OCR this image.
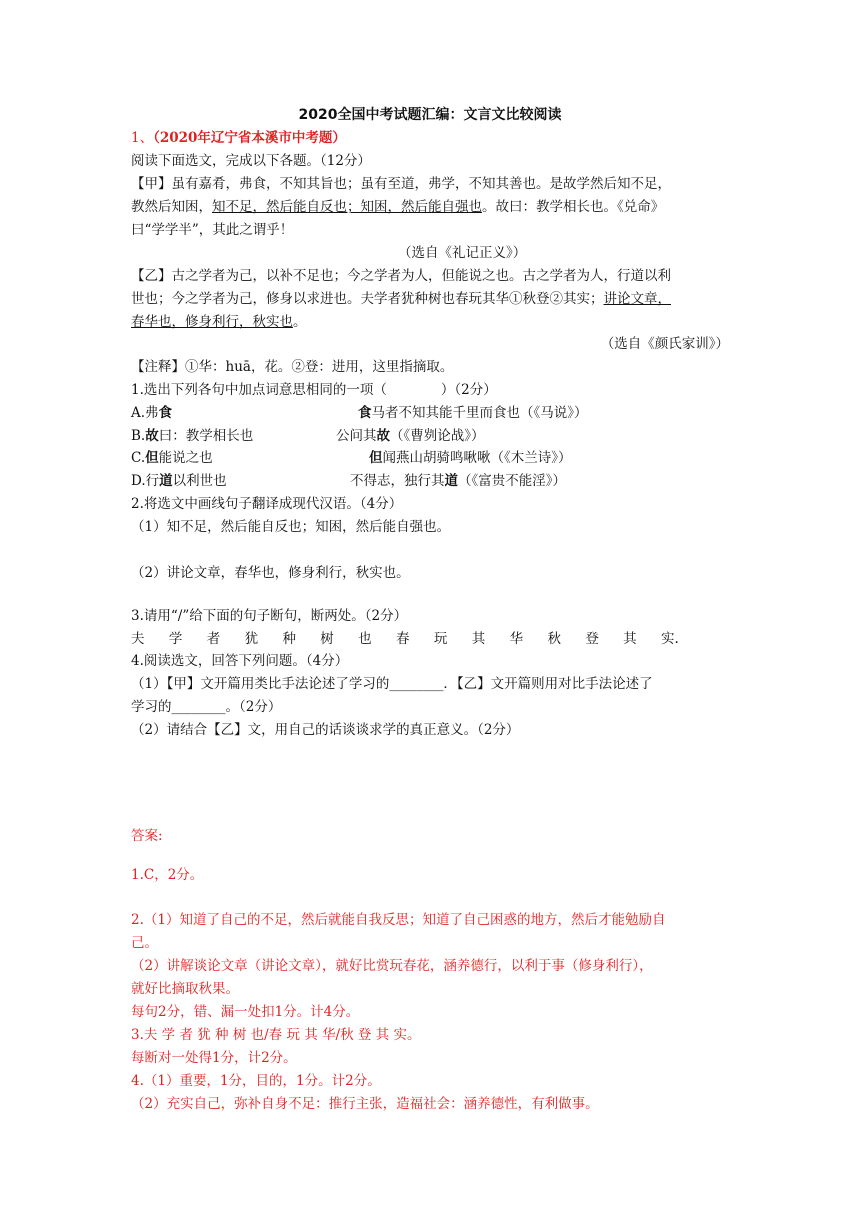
2020全国中考试题汇编：文言文比较阅读
1、（2020年辽宁省本溪市中考题）
阅读下面选文，完成以下各题。（12分）
【甲】虽有嘉肴，弗食，不知其旨也；虽有至道，弗学，不知其善也。是故学然后知不足，
教然后知困，知不足，然后能自反也；知困，然后能自强也。故曰：教学相长也。《兑命》
曰“学学半”，其此之谓乎！
（选自《礼记正义》）
【乙】古之学者为己，以补不足也；今之学者为人，但能说之也。古之学者为人，行道以利
世也；今之学者为己，修身以求进也。夫学者犹种树也春玩其华①秋登②其实；讲论文章，
春华也，修身利行，秋实也。
（选自《颜氏家训》）
【注释】①华：huā，花。②登：进用，这里指摘取。
1.选出下列各句中加点词意思相同的一项（　　　　）（2分）
A.弗食	食马者不知其能千里而食也（《马说》）
B.故曰：教学相长也	公问其故（《曹刿论战》）
C.但能说之也	但闻燕山胡骑鸣啾啾（《木兰诗》）
D.行道以利世也	不得志，独行其道（《富贵不能淫》）
2.将选文中画线句子翻译成现代汉语。（4分）
（1）知不足，然后能自反也；知困，然后能自强也。
（2）讲论文章，春华也，修身利行，秋实也。
3.请用“/”给下面的句子断句，断两处。（2分）
夫 学 者 犹 种 树 也 春 玩 其 华 秋 登 其 实.
4.阅读选文，回答下列问题。（4分）
（1）【甲】文开篇用类比手法论述了学习的________．【乙】文开篇则用对比手法论述了
学习的________。（2分）
（2）请结合【乙】文，用自己的话谈谈求学的真正意义。（2分）
答案:
1.C，2分。
2.（1）知道了自己的不足，然后就能自我反思；知道了自己困惑的地方，然后才能勉励自
己。
（2）讲解谈论文章（讲论文章），就好比赏玩春花，涵养德行，以利于事（修身利行），
就好比摘取秋果。
每句2分，错、漏一处扣1分。计4分。
3.夫 学 者 犹 种 树 也/春 玩 其 华/秋 登 其 实。
每断对一处得1分，计2分。
4.（1）重要，1分，目的，1分。计2分。
（2）充实自己，弥补自身不足：推行主张，造福社会：涵养德性，有利做事。
